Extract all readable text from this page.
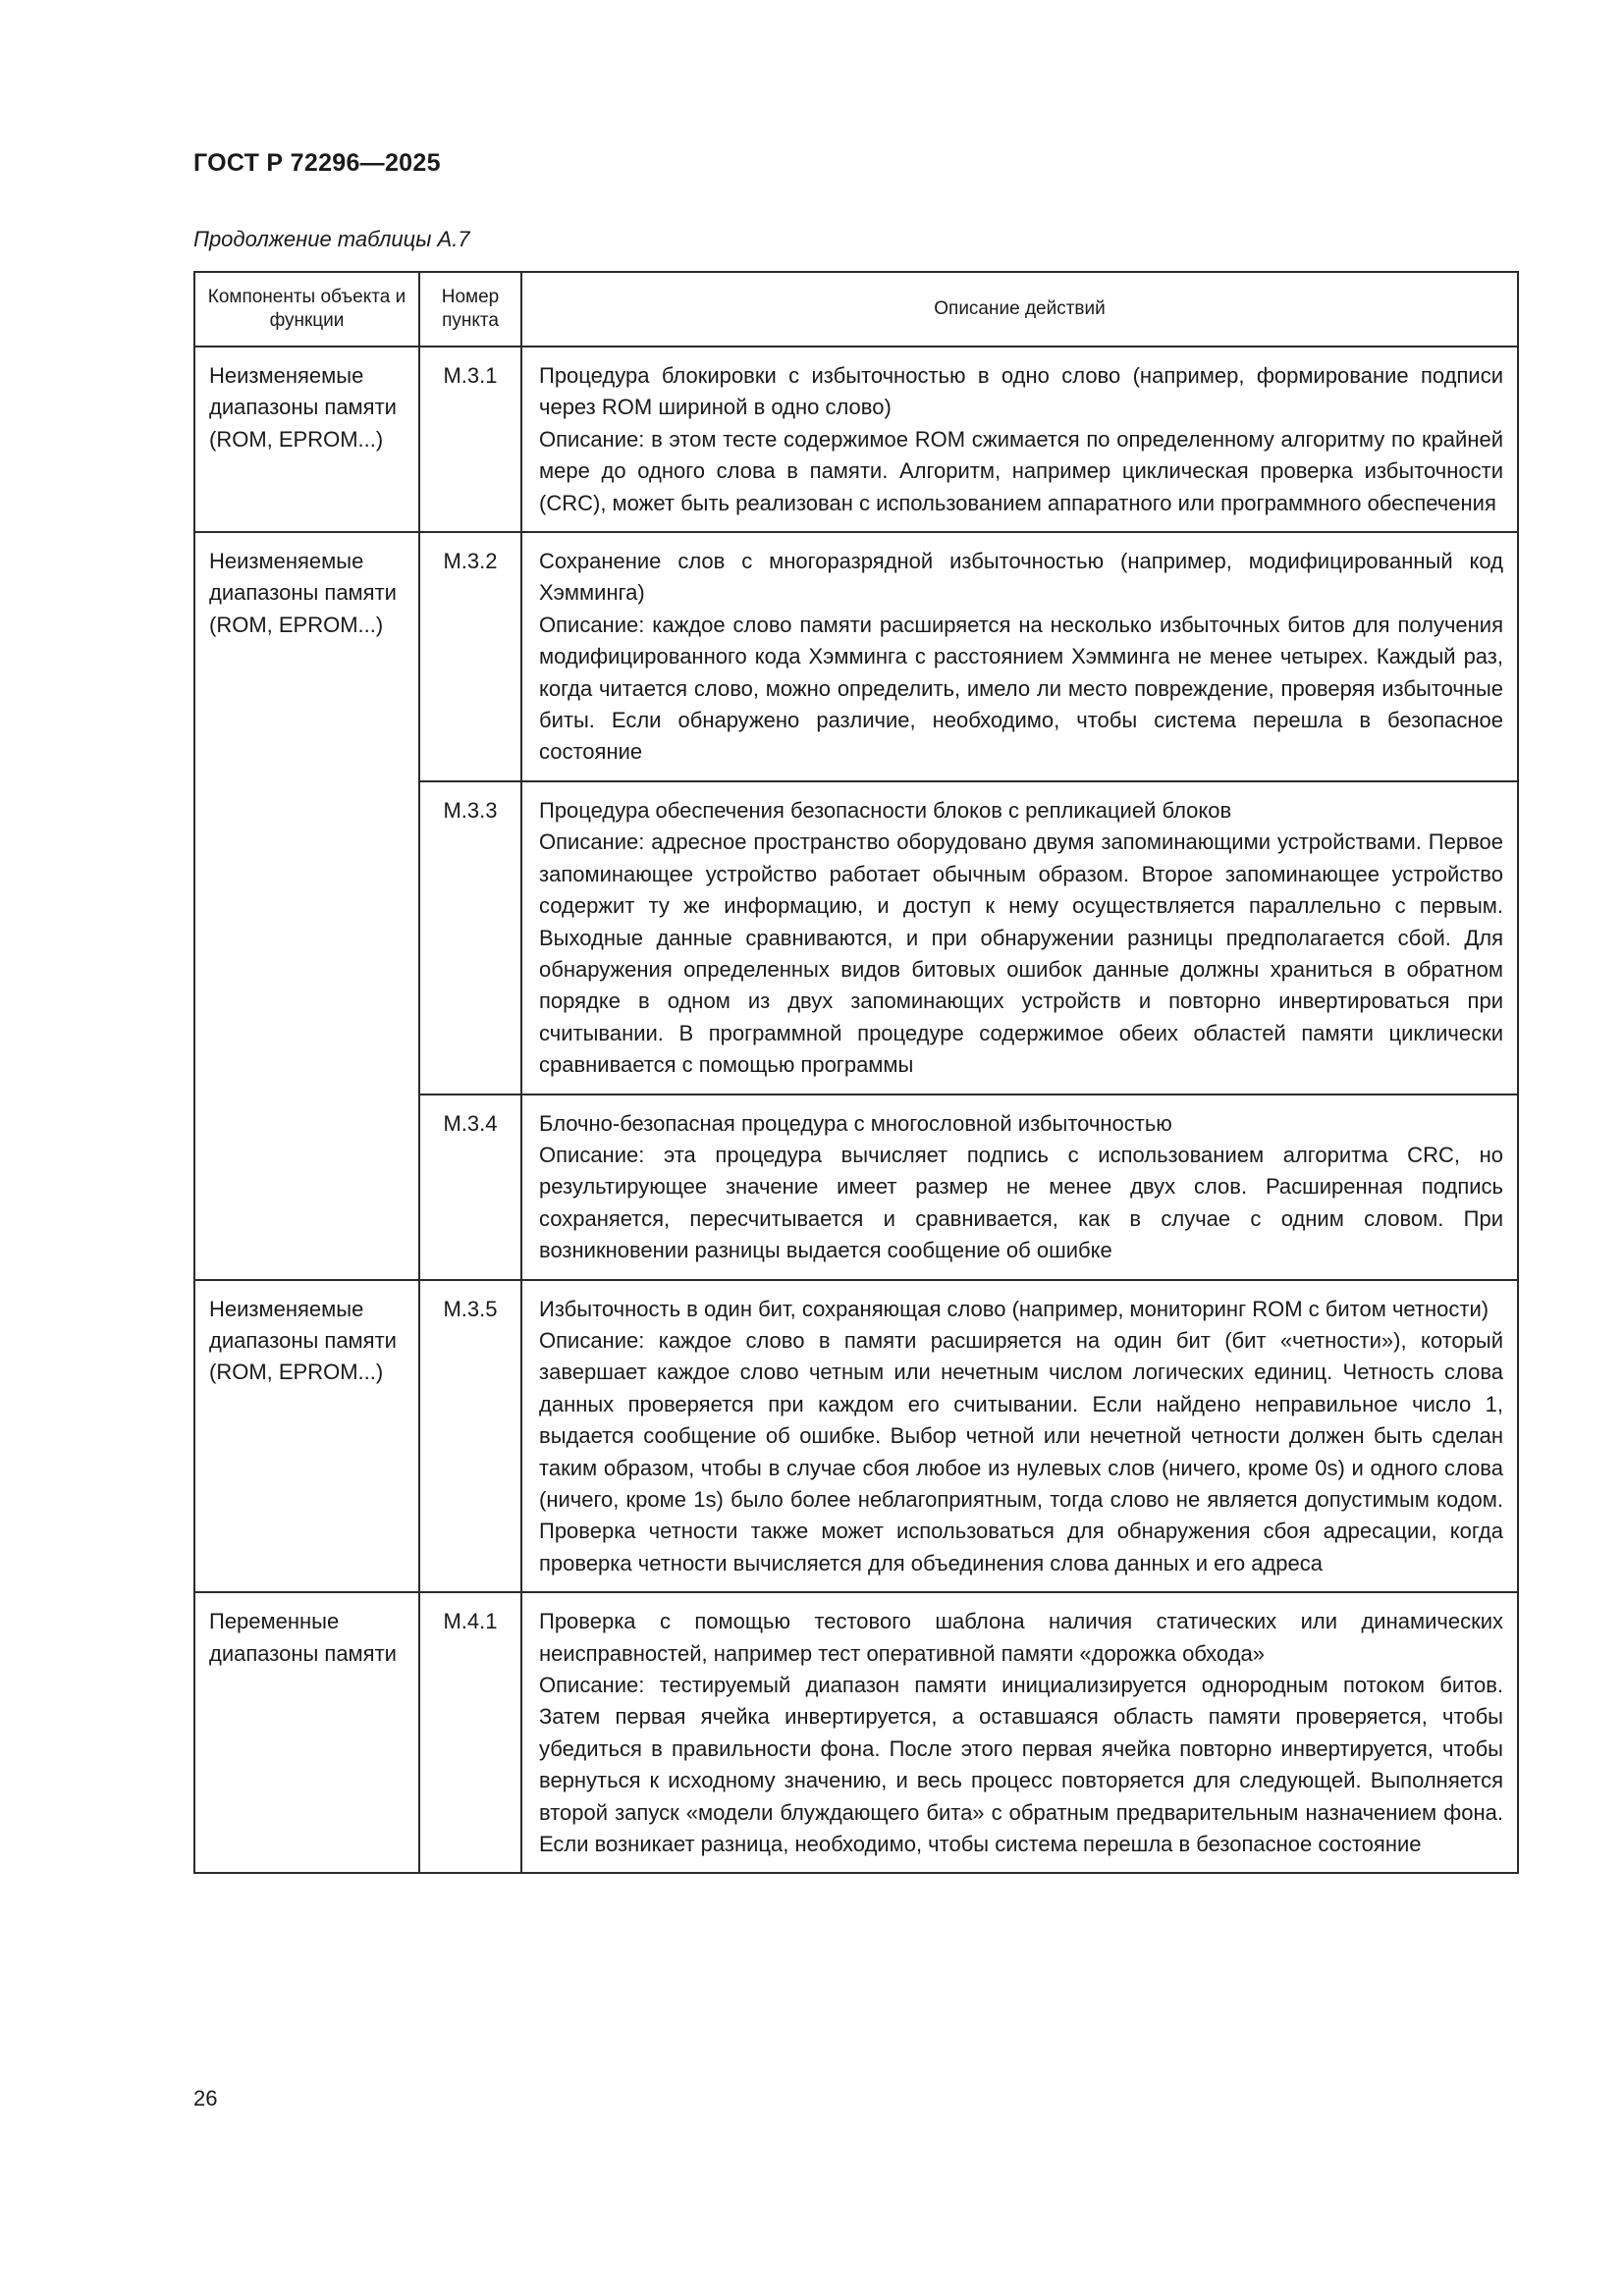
ГОСТ Р 72296—2025
Продолжение таблицы А.7
Компоненты объекта и функции	Номер пункта	Описание действий
Неизменяемые диапазоны памяти (ROM, EPROM...)	М.3.1	Процедура блокировки с избыточностью в одно слово (например, формирование подписи через ROM шириной в одно слово)
Описание: в этом тесте содержимое ROM сжимается по определенному алгоритму по крайней мере до одного слова в памяти. Алгоритм, например циклическая проверка избыточности (CRC), может быть реализован с использованием аппаратного или программного обеспечения

Неизменяемые диапазоны памяти (ROM, EPROM...)	М.3.2	Сохранение слов с многоразрядной избыточностью (например, модифицированный код Хэмминга)
Описание: каждое слово памяти расширяется на несколько избыточных битов для получения модифицированного кода Хэмминга с расстоянием Хэмминга не менее четырех. Каждый раз, когда читается слово, можно определить, имело ли место повреждение, проверяя избыточные биты. Если обнаружено различие, необходимо, чтобы система перешла в безопасное состояние

	М.3.3	Процедура обеспечения безопасности блоков с репликацией блоков
Описание: адресное пространство оборудовано двумя запоминающими устройствами. Первое запоминающее устройство работает обычным образом. Второе запоминающее устройство содержит ту же информацию, и доступ к нему осуществляется параллельно с первым. Выходные данные сравниваются, и при обнаружении разницы предполагается сбой. Для обнаружения определенных видов битовых ошибок данные должны храниться в обратном порядке в одном из двух запоминающих устройств и повторно инвертироваться при считывании. В программной процедуре содержимое обеих областей памяти циклически сравнивается с помощью программы

	М.3.4	Блочно-безопасная процедура с многословной избыточностью
Описание: эта процедура вычисляет подпись с использованием алгоритма CRC, но результирующее значение имеет размер не менее двух слов. Расширенная подпись сохраняется, пересчитывается и сравнивается, как в случае с одним словом. При возникновении разницы выдается сообщение об ошибке

Неизменяемые диапазоны памяти (ROM, EPROM...)	М.3.5	Избыточность в один бит, сохраняющая слово (например, мониторинг ROM с битом четности)
Описание: каждое слово в памяти расширяется на один бит (бит «четности»), который завершает каждое слово четным или нечетным числом логических единиц. Четность слова данных проверяется при каждом его считывании. Если найдено неправильное число 1, выдается сообщение об ошибке. Выбор четной или нечетной четности должен быть сделан таким образом, чтобы в случае сбоя любое из нулевых слов (ничего, кроме 0s) и одного слова (ничего, кроме 1s) было более неблагоприятным, тогда слово не является допустимым кодом. Проверка четности также может использоваться для обнаружения сбоя адресации, когда проверка четности вычисляется для объединения слова данных и его адреса

Переменные диапазоны памяти	М.4.1	Проверка с помощью тестового шаблона наличия статических или динамических неисправностей, например тест оперативной памяти «дорожка обхода»
Описание: тестируемый диапазон памяти инициализируется однородным потоком битов. Затем первая ячейка инвертируется, а оставшаяся область памяти проверяется, чтобы убедиться в правильности фона. После этого первая ячейка повторно инвертируется, чтобы вернуться к исходному значению, и весь процесс повторяется для следующей. Выполняется второй запуск «модели блуждающего бита» с обратным предварительным назначением фона. Если возникает разница, необходимо, чтобы система перешла в безопасное состояние
26
